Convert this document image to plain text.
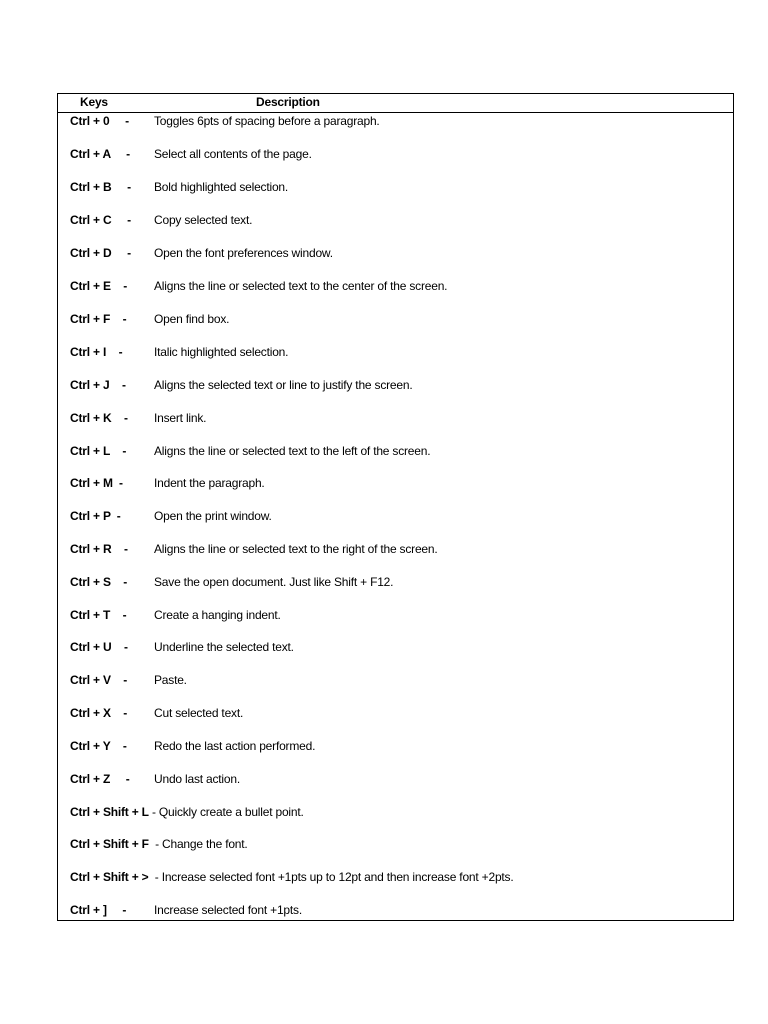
Keys	Description
Ctrl + 0     - Toggles 6pts of spacing before a paragraph.
Ctrl + A     - Select all contents of the page.
Ctrl + B     - Bold highlighted selection.
Ctrl + C     - Copy selected text.
Ctrl + D     - Open the font preferences window.
Ctrl + E    - Aligns the line or selected text to the center of the screen.
Ctrl + F    - Open find box.
Ctrl + I    -	Italic highlighted selection.
Ctrl + J    - Aligns the selected text or line to justify the screen.
Ctrl + K    - Insert link.
Ctrl + L    - Aligns the line or selected text to the left of the screen.
Ctrl + M  -	Indent the paragraph.
Ctrl + P  -	Open the print window.
Ctrl + R    - Aligns the line or selected text to the right of the screen.
Ctrl + S    - Save the open document. Just like Shift + F12.
Ctrl + T    - Create a hanging indent.
Ctrl + U    - Underline the selected text.
Ctrl + V    - Paste.
Ctrl + X    - Cut selected text.
Ctrl + Y    - Redo the last action performed.
Ctrl + Z     - Undo last action.
Ctrl + Shift + L - Quickly create a bullet point.
Ctrl + Shift + F  - Change the font.
Ctrl + Shift + >  - Increase selected font +1pts up to 12pt and then increase font +2pts.
Ctrl + ]     - Increase selected font +1pts.
